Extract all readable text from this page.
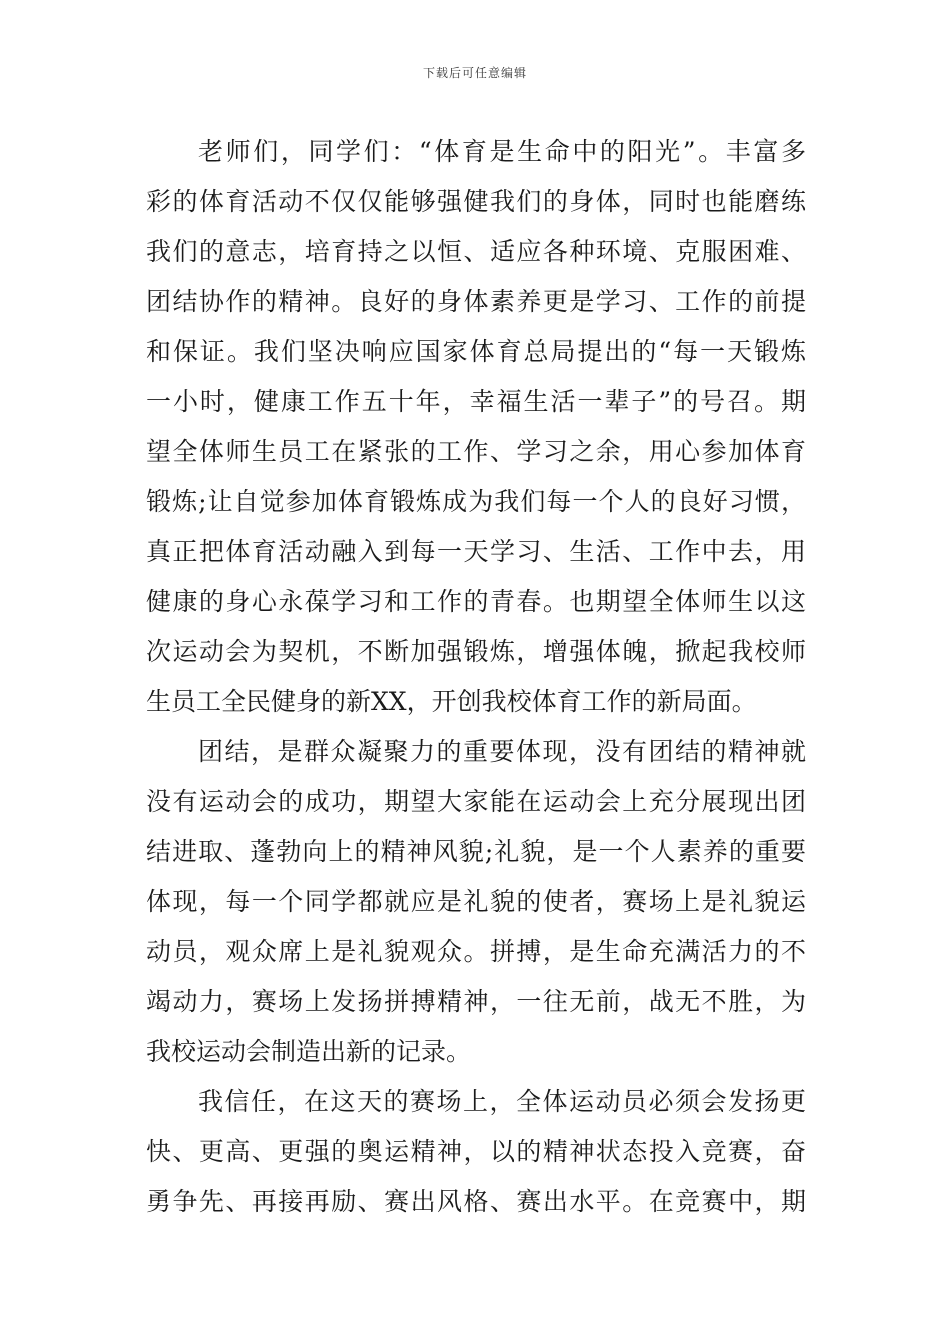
下载后可任意编辑
老师们，同学们：“体育是生命中的阳光”。丰富多
彩的体育活动不仅仅能够强健我们的身体，同时也能磨练
我们的意志，培育持之以恒、适应各种环境、克服困难、
团结协作的精神。良好的身体素养更是学习、工作的前提
和保证。我们坚决响应国家体育总局提出的“每一天锻炼
一小时，健康工作五十年，幸福生活一辈子”的号召。期
望全体师生员工在紧张的工作、学习之余，用心参加体育
锻炼;让自觉参加体育锻炼成为我们每一个人的良好习惯，
真正把体育活动融入到每一天学习、生活、工作中去，用
健康的身心永葆学习和工作的青春。也期望全体师生以这
次运动会为契机，不断加强锻炼，增强体魄，掀起我校师
生员工全民健身的新XX，开创我校体育工作的新局面。
团结，是群众凝聚力的重要体现，没有团结的精神就
没有运动会的成功，期望大家能在运动会上充分展现出团
结进取、蓬勃向上的精神风貌;礼貌，是一个人素养的重要
体现，每一个同学都就应是礼貌的使者，赛场上是礼貌运
动员，观众席上是礼貌观众。拼搏，是生命充满活力的不
竭动力，赛场上发扬拼搏精神，一往无前，战无不胜，为
我校运动会制造出新的记录。
我信任，在这天的赛场上，全体运动员必须会发扬更
快、更高、更强的奥运精神，以的精神状态投入竞赛，奋
勇争先、再接再励、赛出风格、赛出水平。在竞赛中，期
